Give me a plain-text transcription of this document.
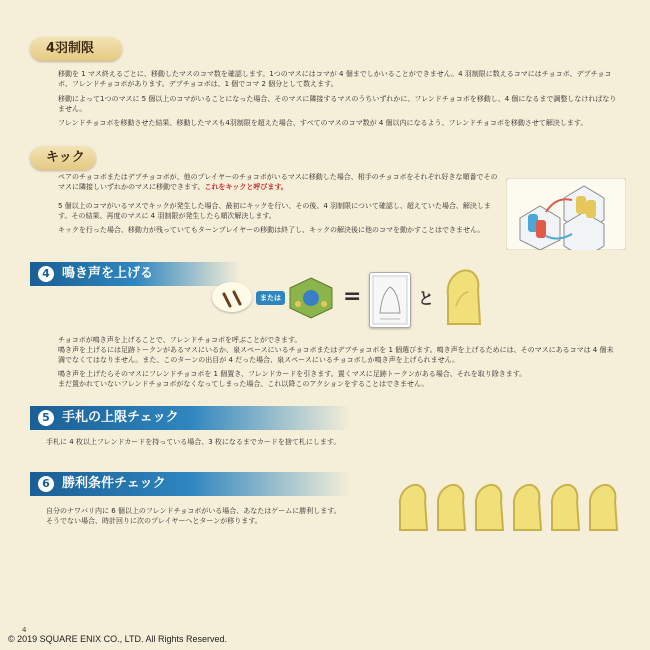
4羽制限
移動を 1 マス終えるごとに、移動したマスのコマ数を確認します。1つのマスにはコマが 4 個までしかいることができません。4 羽制限に数えるコマにはチョコボ、デブチョコボ、フレンドチョコボがあります。デブチョコボは、1 個でコマ 2 個分として数えます。
移動によって1つのマスに 5 個以上のコマがいることになった場合、そのマスに隣接するマスのうちいずれかに、フレンドチョコボを移動し、4 個になるまで調整しなければなりません。
フレンドチョコボを移動させた結果、移動したマスも4羽制限を超えた場合、すべてのマスのコマ数が 4 個以内になるよう、フレンドチョコボを移動させて解決します。
キック
ペアのチョコボまたはデブチョコボが、他のプレイヤーのチョコボがいるマスに移動した場合、相手のチョコボをそれぞれ好きな順番でそのマスに隣接しいずれかのマスに移動できます。これをキックと呼びます。
5 個以上のコマがいるマスでキックが発生した場合、最初にキックを行い、その後、4 羽制限について確認し、超えていた場合、解決します。その結果、再度のマスに 4 羽制限が発生したら順次解決します。
キックを行った場合、移動力が残っていてもターンプレイヤーの移動は終了し、キックの解決後に他のコマを動かすことはできません。
4 鳴き声を上げる
または	=	と
チョコボが鳴き声を上げることで、フレンドチョコボを呼ぶことができます。
鳴き声を上げるには足跡トークンがあるマスにいるか、泉スペースにいるチョコボまたはデブチョコボを 1 個選びます。鳴き声を上げるためには、そのマスにあるコマは 4 個未満でなくてはなりません。また、このターンの出目が 4 だった場合、泉スペースにいるチョコボしか鳴き声を上げられません。
鳴き声を上げたらそのマスにフレンドチョコボを 1 個置き、フレンドカードを引きます。置くマスに足跡トークンがある場合、それを取り除きます。
まだ置かれていないフレンドチョコボがなくなってしまった場合、これ以降このアクションをすることはできません。
5 手札の上限チェック
手札に 4 枚以上フレンドカードを持っている場合、3 枚になるまでカードを捨て札にします。
6 勝利条件チェック
自分のナワバリ内に 6 個以上のフレンドチョコボがいる場合、あなたはゲームに勝利します。
そうでない場合、時計回りに次のプレイヤーへとターンが移ります。
4
© 2019 SQUARE ENIX CO., LTD. All Rights Reserved.
